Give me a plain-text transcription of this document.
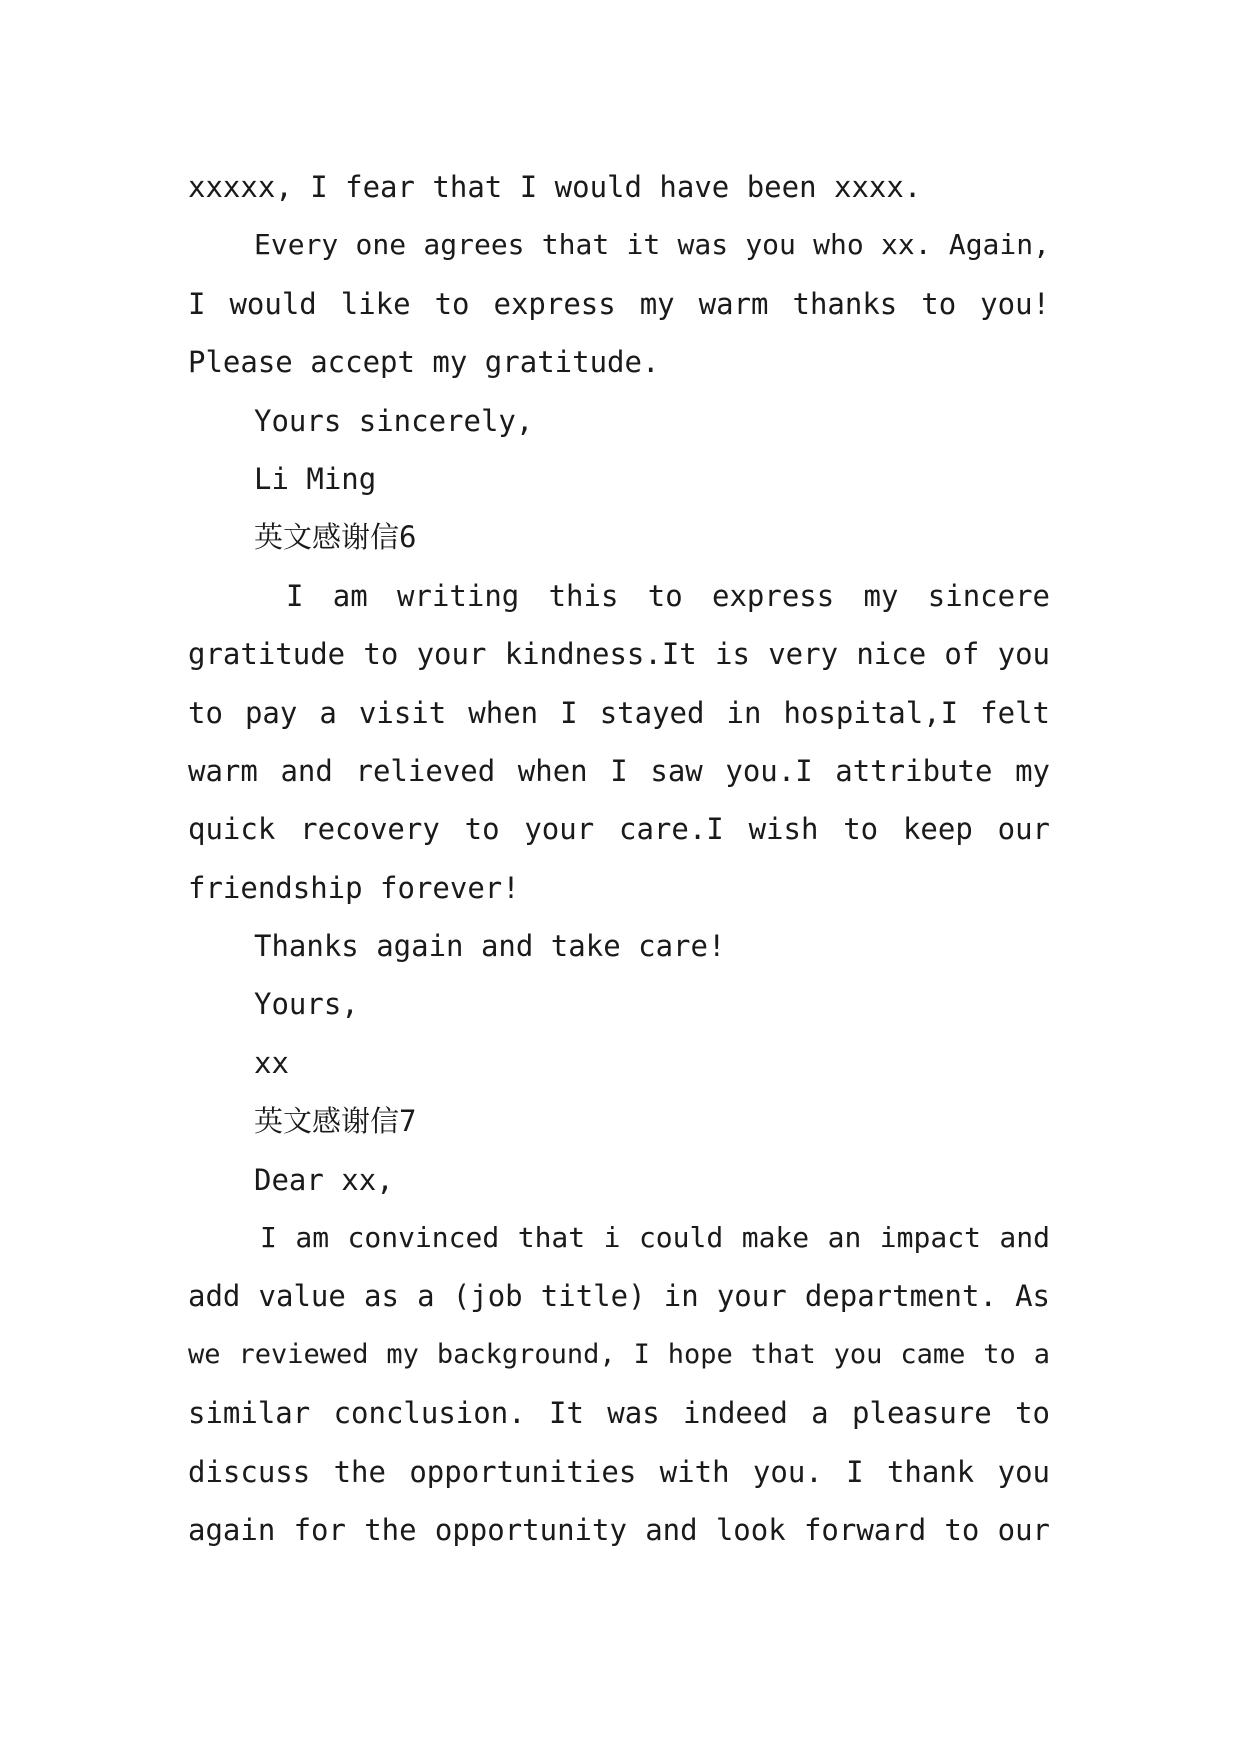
xxxxx, I fear that I would have been xxxx.
Every one agrees that it was you who xx. Again,
I would like to express my warm thanks to you!
Please accept my gratitude.
Yours sincerely,
Li Ming
英文感谢信6
I am writing this to express my sincere
gratitude to your kindness.It is very nice of you
to pay a visit when I stayed in hospital,I felt
warm and relieved when I saw you.I attribute my
quick recovery to your care.I wish to keep our
friendship forever!
Thanks again and take care!
Yours,
xx
英文感谢信7
Dear xx,
I am convinced that i could make an impact and
add value as a (job title) in your department. As
we reviewed my background, I hope that you came to a
similar conclusion. It was indeed a pleasure to
discuss the opportunities with you. I thank you
again for the opportunity and look forward to our
